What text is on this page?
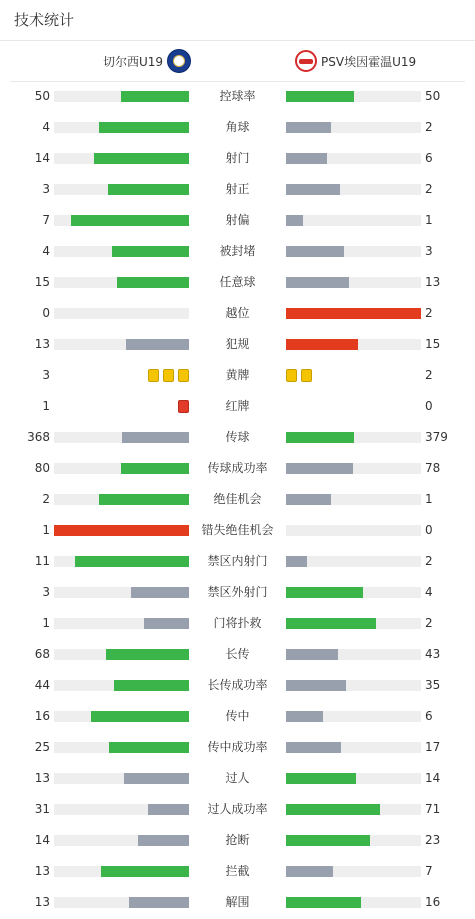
技术统计
切尔西U19	PSV埃因霍温U19
50	控球率	50
4	角球	2
14	射门	6
3	射正	2
7	射偏	1
4	被封堵	3
15	任意球	13
0	越位	2
13	犯规	15
3	黄牌	2
1	红牌	0
368	传球	379
80	传球成功率	78
2	绝佳机会	1
1	错失绝佳机会	0
11	禁区内射门	2
3	禁区外射门	4
1	门将扑救	2
68	长传	43
44	长传成功率	35
16	传中	6
25	传中成功率	17
13	过人	14
31	过人成功率	71
14	抢断	23
13	拦截	7
13	解围	16
